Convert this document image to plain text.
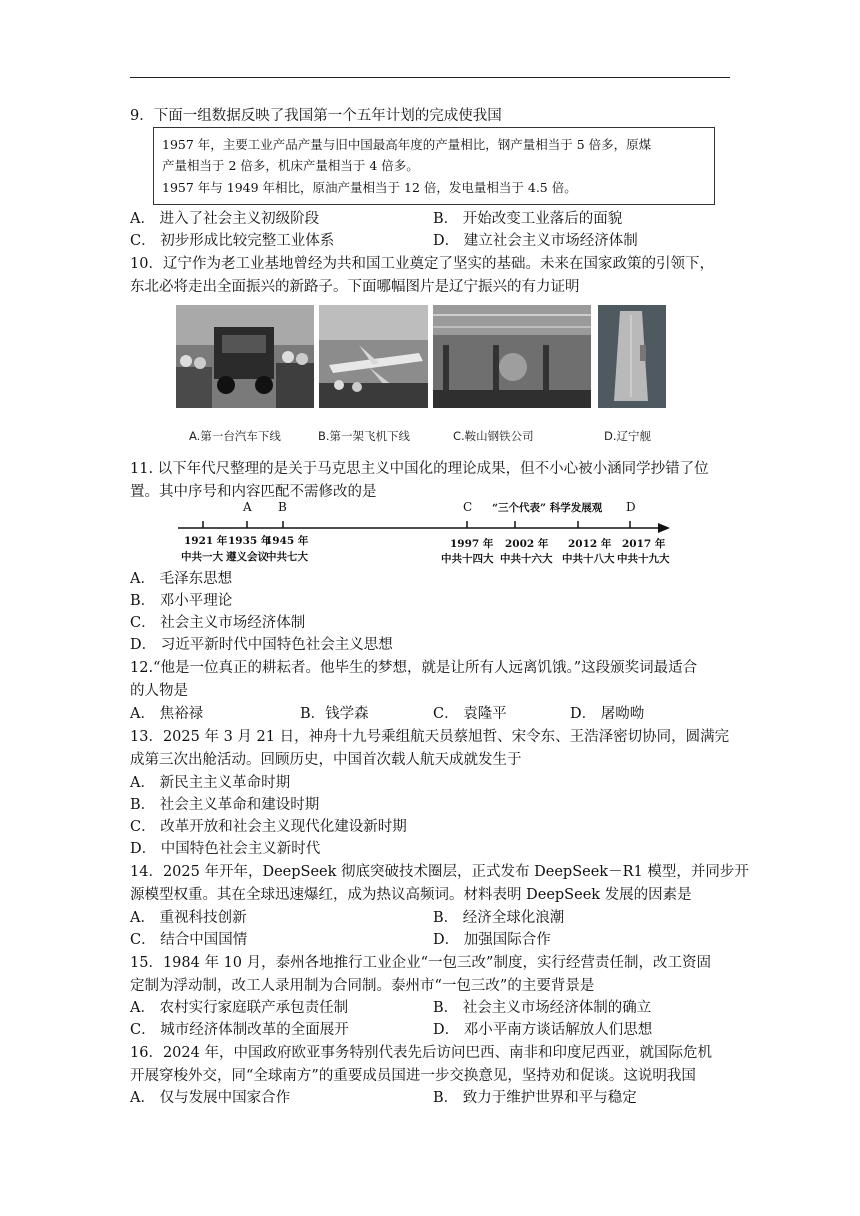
9．下面一组数据反映了我国第一个五年计划的完成使我国
1957 年，主要工业产品产量与旧中国最高年度的产量相比，钢产量相当于 5 倍多，原煤
产量相当于 2 倍多，机床产量相当于 4 倍多。
1957 年与 1949 年相比，原油产量相当于 12 倍，发电量相当于 4.5 倍。
A． 进入了社会主义初级阶段	B． 开始改变工业落后的面貌
C． 初步形成比较完整工业体系	D． 建立社会主义市场经济体制
10．辽宁作为老工业基地曾经为共和国工业奠定了坚实的基础。未来在国家政策的引领下，
东北必将走出全面振兴的新路子。下面哪幅图片是辽宁振兴的有力证明
A.第一台汽车下线	B.第一架飞机下线	C.鞍山钢铁公司	D.辽宁舰
11. 以下年代尺整理的是关于马克思主义中国化的理论成果，但不小心被小涵同学抄错了位
置。其中序号和内容匹配不需修改的是
A B	C “三个代表” 科学发展观 D
1921 年 1935 年
1945 年	1997 年 2002 年 2012 年 2017 年
中共一大 遵义会议
中共七大	中共十四大 中共十六大 中共十八大 中共十九大
A． 毛泽东思想
B． 邓小平理论
C． 社会主义市场经济体制
D． 习近平新时代中国特色社会主义思想
12.“他是一位真正的耕耘者。他毕生的梦想，就是让所有人远离饥饿。”这段颁奖词最适合
的人物是
A． 焦裕禄	B．钱学森	C． 袁隆平	D． 屠呦呦
13．2025 年 3 月 21 日，神舟十九号乘组航天员蔡旭哲、宋令东、王浩泽密切协同，圆满完
成第三次出舱活动。回顾历史，中国首次载人航天成就发生于
A． 新民主主义革命时期
B． 社会主义革命和建设时期
C． 改革开放和社会主义现代化建设新时期
D． 中国特色社会主义新时代
14．2025 年开年，DeepSeek 彻底突破技术圈层，正式发布 DeepSeek－R1 模型，并同步开
源模型权重。其在全球迅速爆红，成为热议高频词。材料表明 DeepSeek 发展的因素是
A． 重视科技创新	B． 经济全球化浪潮
C． 结合中国国情	D． 加强国际合作
15．1984 年 10 月，泰州各地推行工业企业“一包三改”制度，实行经营责任制，改工资固
定制为浮动制，改工人录用制为合同制。泰州市“一包三改”的主要背景是
A． 农村实行家庭联产承包责任制	B． 社会主义市场经济体制的确立
C． 城市经济体制改革的全面展开	D． 邓小平南方谈话解放人们思想
16．2024 年，中国政府欧亚事务特别代表先后访问巴西、南非和印度尼西亚，就国际危机
开展穿梭外交，同“全球南方”的重要成员国进一步交换意见，坚持劝和促谈。这说明我国
A． 仅与发展中国家合作	B． 致力于维护世界和平与稳定
